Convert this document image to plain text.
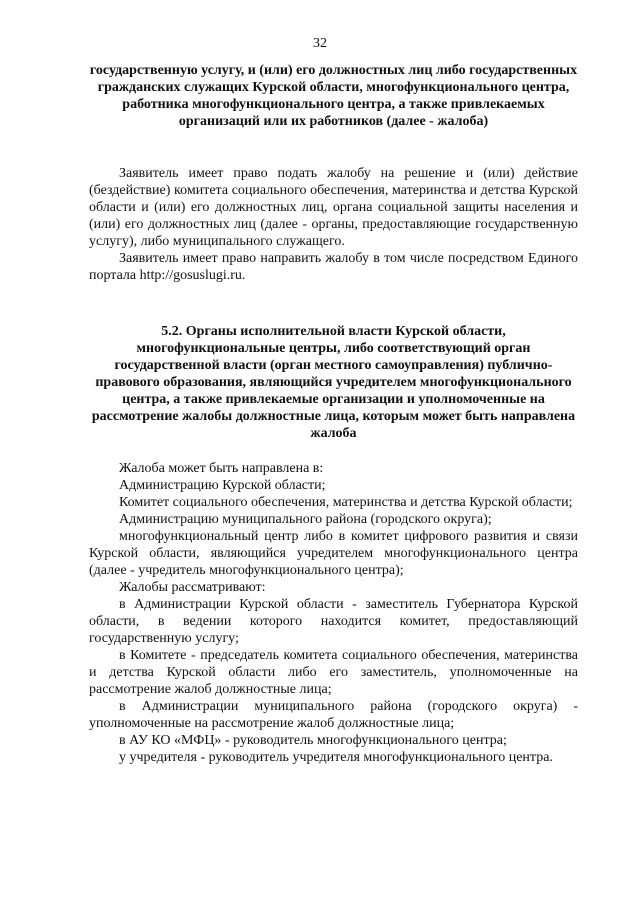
32

государственную услугу, и (или) его должностных лиц либо государственных гражданских служащих Курской области, многофункционального центра, работника многофункционального центра, а также привлекаемых организаций или их работников (далее - жалоба)

Заявитель имеет право подать жалобу на решение и (или) действие (бездействие) комитета социального обеспечения, материнства и детства Курской области и (или) его должностных лиц, органа социальной защиты населения и (или) его должностных лиц (далее - органы, предоставляющие государственную услугу), либо муниципального служащего.

Заявитель имеет право направить жалобу в том числе посредством Единого портала http://gosuslugi.ru.

5.2. Органы исполнительной власти Курской области, многофункциональные центры, либо соответствующий орган государственной власти (орган местного самоуправления) публично-правового образования, являющийся учредителем многофункционального центра, а также привлекаемые организации и уполномоченные на рассмотрение жалобы должностные лица, которым может быть направлена жалоба

Жалоба может быть направлена в:

Администрацию Курской области;

Комитет социального обеспечения, материнства и детства Курской области;

Администрацию муниципального района (городского округа);

многофункциональный центр либо в комитет цифрового развития и связи Курской области, являющийся учредителем многофункционального центра (далее - учредитель многофункционального центра);

Жалобы рассматривают:

в Администрации Курской области - заместитель Губернатора Курской области, в ведении которого находится комитет, предоставляющий государственную услугу;

в Комитете - председатель комитета социального обеспечения, материнства и детства Курской области либо его заместитель, уполномоченные на рассмотрение жалоб должностные лица;

в Администрации муниципального района (городского округа) - уполномоченные на рассмотрение жалоб должностные лица;

в АУ КО «МФЦ» - руководитель многофункционального центра;

у учредителя - руководитель учредителя многофункционального центра.
